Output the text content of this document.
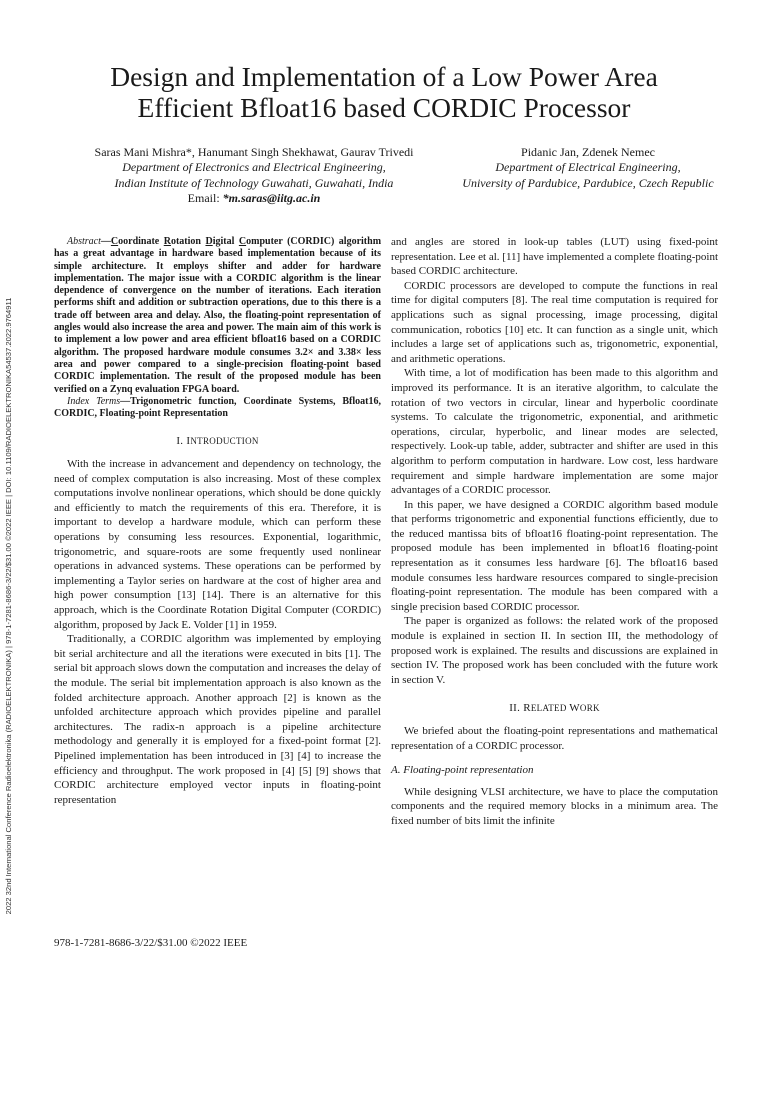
2022 32nd International Conference Radioelektronika (RADIOELEKTRONIKA) | 978-1-7281-8686-3/22/$31.00 ©2022 IEEE | DOI: 10.1109/RADIOELEKTRONIKA54537.2022.9764911
Design and Implementation of a Low Power Area
Efficient Bfloat16 based CORDIC Processor
Saras Mani Mishra*, Hanumant Singh Shekhawat, Gaurav Trivedi
Department of Electronics and Electrical Engineering,
Indian Institute of Technology Guwahati, Guwahati, India
Email: *m.saras@iitg.ac.in
Pidanic Jan, Zdenek Nemec
Department of Electrical Engineering,
University of Pardubice, Pardubice, Czech Republic

Abstract—Coordinate Rotation Digital Computer (CORDIC) algorithm has a great advantage in hardware based implementation because of its simple architecture. It employs shifter and adder for hardware implementation. The major issue with a CORDIC algorithm is the linear dependence of convergence on the number of iterations. Each iteration performs shift and addition or subtraction operations, due to this there is a trade off between area and delay. Also, the floating-point representation of angles would also increase the area and power. The main aim of this work is to implement a low power and area efficient bfloat16 based on a CORDIC algorithm. The proposed hardware module consumes 3.2× and 3.38× less area and power compared to a single-precision floating-point based CORDIC implementation. The result of the proposed module has been verified on a Zynq evaluation FPGA board.

Index Terms—Trigonometric function, Coordinate Systems, Bfloat16, CORDIC, Floating-point Representation

I. INTRODUCTION

With the increase in advancement and dependency on technology, the need of complex computation is also increasing. Most of these complex computations involve nonlinear operations, which should be done quickly and efficiently to match the requirements of this era. Therefore, it is important to develop a hardware module, which can perform these operations by consuming less resources. Exponential, logarithmic, trigonometric, and square-roots are some frequently used nonlinear operations in advanced systems. These operations can be performed by implementing a Taylor series on hardware at the cost of higher area and high power consumption [13] [14]. There is an alternative for this approach, which is the Coordinate Rotation Digital Computer (CORDIC) algorithm, proposed by Jack E. Volder [1] in 1959.

Traditionally, a CORDIC algorithm was implemented by employing bit serial architecture and all the iterations were executed in bits [1]. The serial bit approach slows down the computation and increases the delay of the module. The serial bit implementation approach is also known as the folded architecture approach. Another approach [2] is known as the unfolded architecture approach which provides pipeline and parallel architectures. The radix-n approach is a pipeline architecture methodology and generally it is employed for a fixed-point format [2]. Pipelined implementation has been introduced in [3] [4] to increase the efficiency and throughput. The work proposed in [4] [5] [9] shows that CORDIC architecture employed vector inputs in floating-point representation

and angles are stored in look-up tables (LUT) using fixed-point representation. Lee et al. [11] have implemented a complete floating-point based CORDIC architecture.

CORDIC processors are developed to compute the functions in real time for digital computers [8]. The real time computation is required for applications such as signal processing, image processing, digital communication, robotics [10] etc. It can function as a single unit, which includes a large set of applications such as, trigonometric, exponential, and arithmetic operations.

With time, a lot of modification has been made to this algorithm and improved its performance. It is an iterative algorithm, to calculate the rotation of two vectors in circular, linear and hyperbolic coordinate systems. To calculate the trigonometric, exponential, and arithmetic operations, circular, hyperbolic, and linear modes are selected, respectively. Look-up table, adder, subtracter and shifter are used in this algorithm to perform computation in hardware. Low cost, less hardware requirement and simple hardware implementation are some major advantages of a CORDIC processor.

In this paper, we have designed a CORDIC algorithm based module that performs trigonometric and exponential functions efficiently, due to the reduced mantissa bits of bfloat16 floating-point representation. The proposed module has been implemented in bfloat16 floating-point representation as it consumes less hardware [6]. The bfloat16 based module consumes less hardware resources compared to single-precision floating-point representation. The module has been compared with a single precision based CORDIC processor.

The paper is organized as follows: the related work of the proposed module is explained in section II. In section III, the methodology of proposed work is explained. The results and discussions are explained in section IV. The proposed work has been concluded with the future work in section V.

II. RELATED WORK

We briefed about the floating-point representations and mathematical representation of a CORDIC processor.

A. Floating-point representation

While designing VLSI architecture, we have to place the computation components and the required memory blocks in a minimum area. The fixed number of bits limit the infinite

978-1-7281-8686-3/22/$31.00 ©2022 IEEE
